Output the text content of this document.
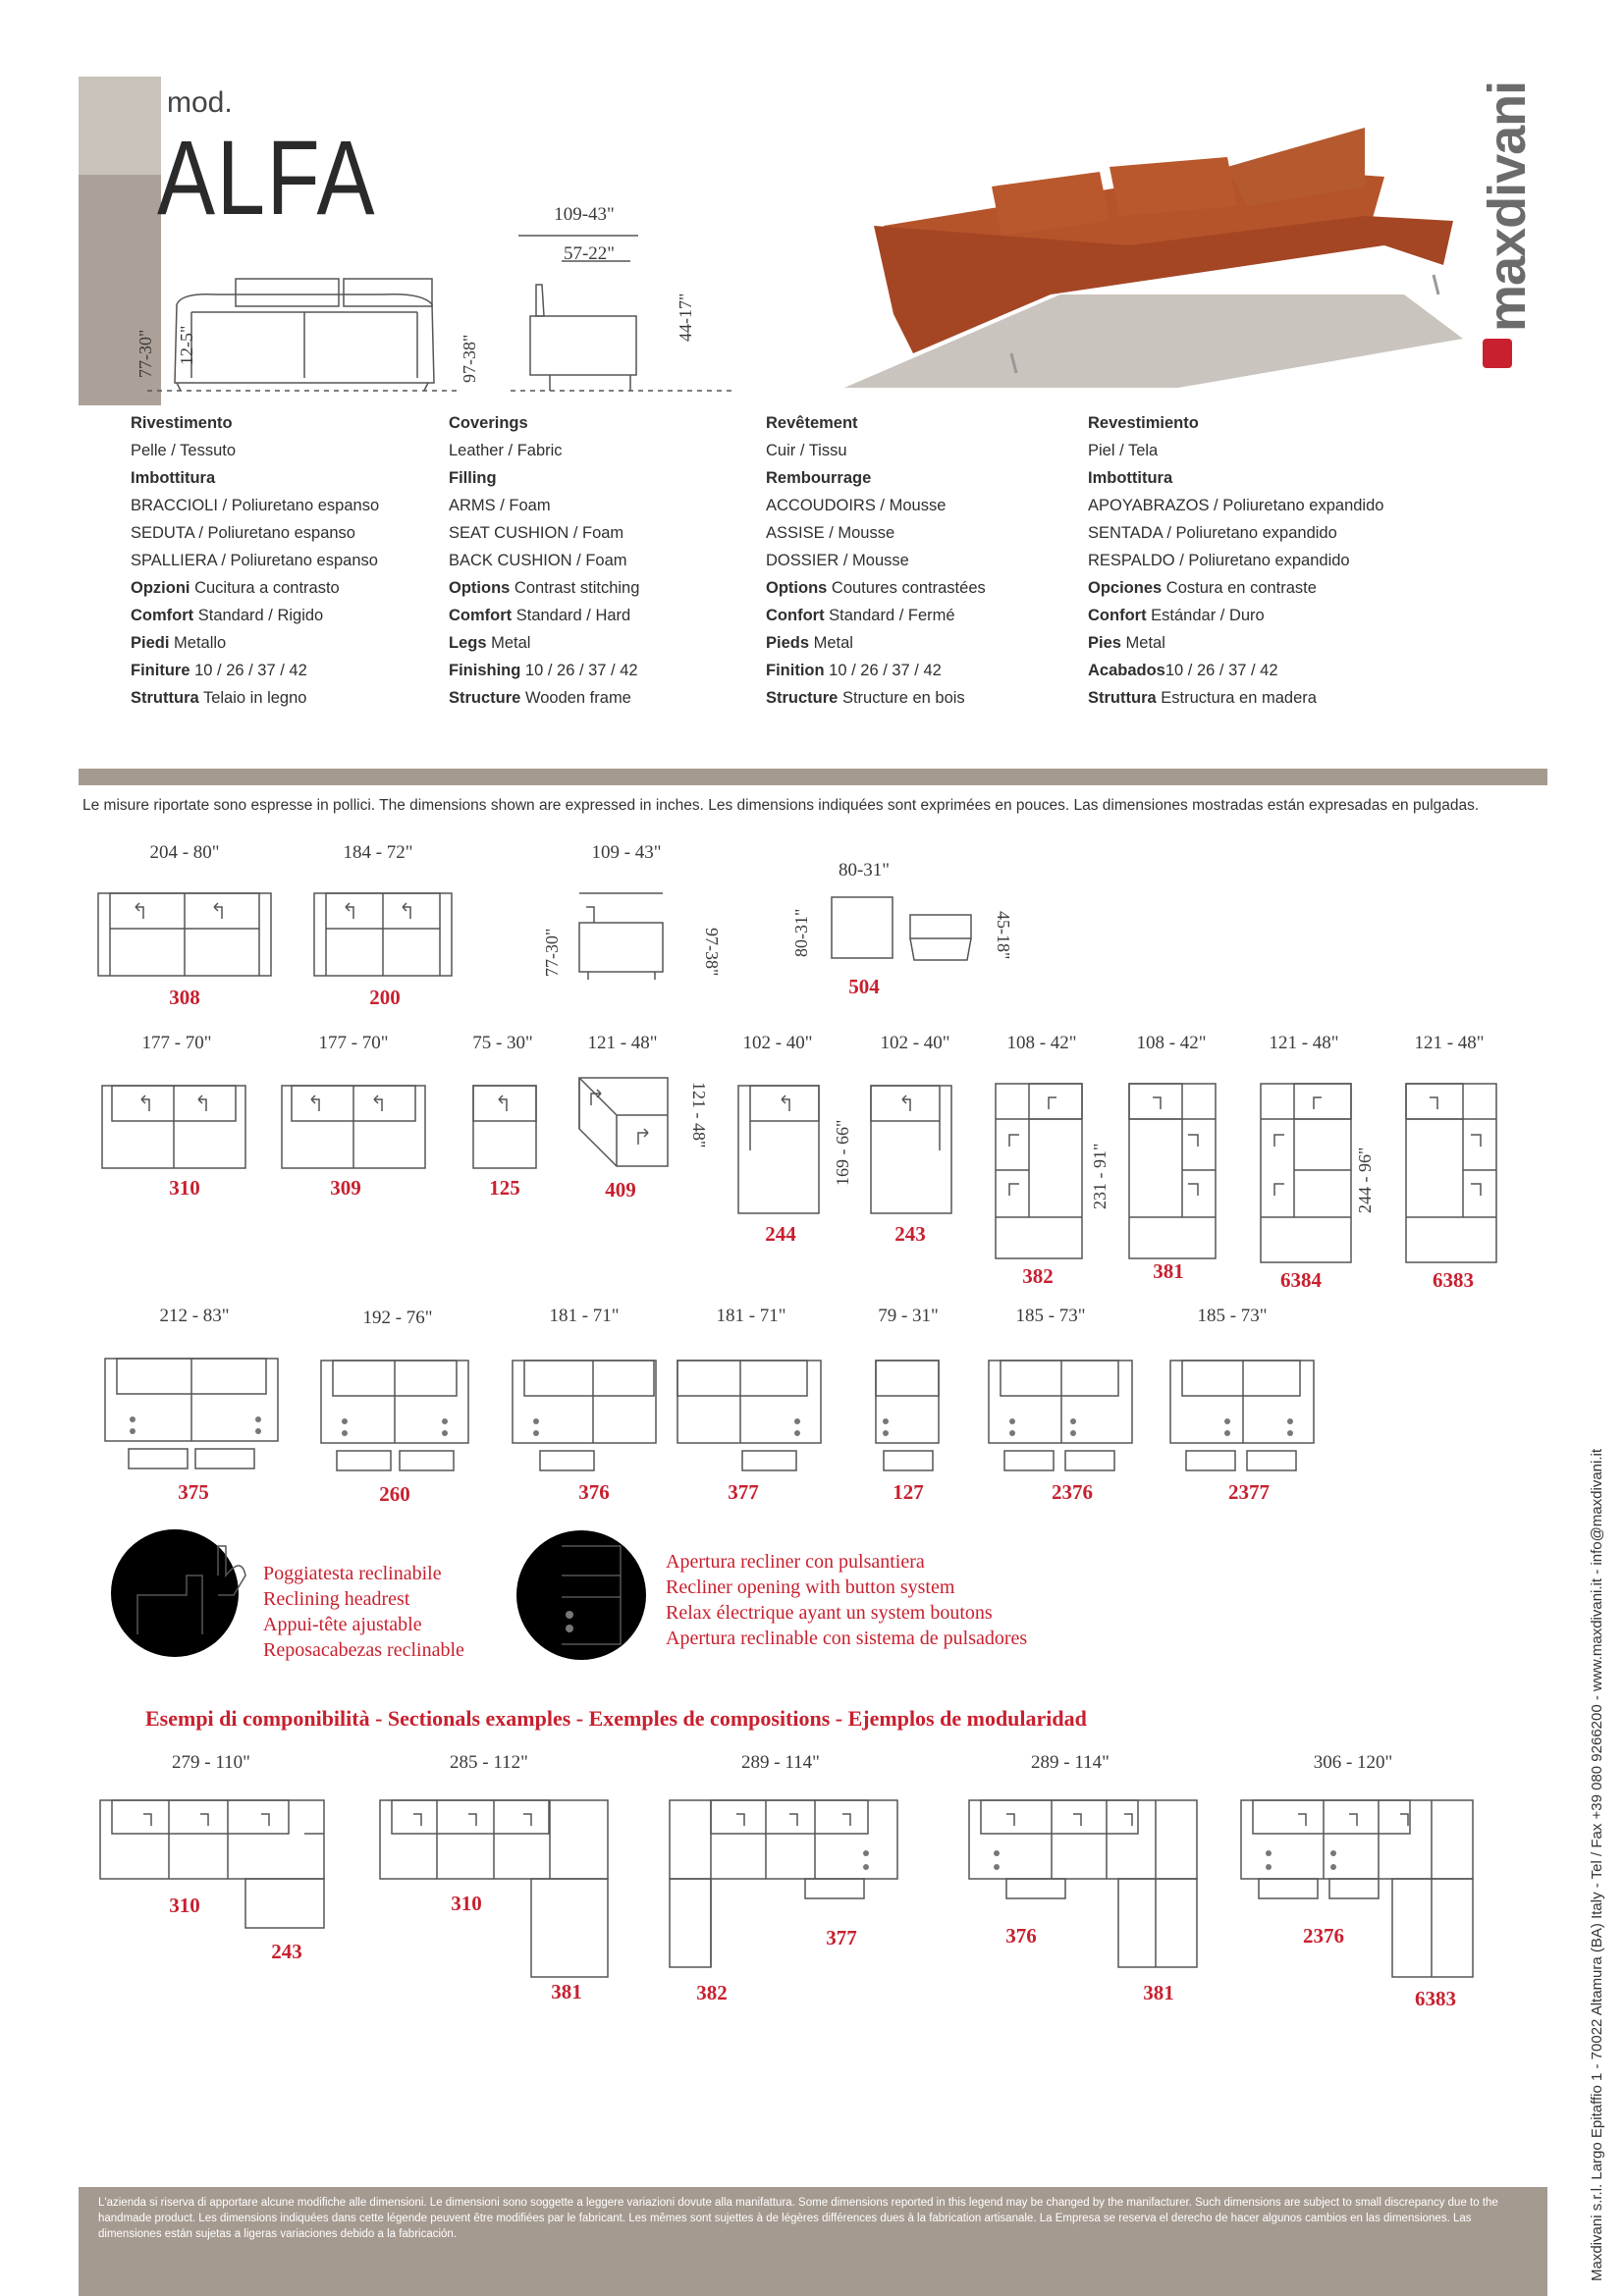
mod.
ALFA
77-30" 12-5"	97-38"
109-43"
57-22"
44-17"	maxdivani
Rivestimento
Pelle / Tessuto
Imbottitura
BRACCIOLI / Poliuretano espanso
SEDUTA / Poliuretano espanso
SPALLIERA / Poliuretano espanso
Opzioni Cucitura a contrasto
Comfort Standard / Rigido
Piedi Metallo
Finiture 10 / 26 / 37 / 42
Struttura Telaio in legno
Coverings
Leather / Fabric
Filling
ARMS / Foam
SEAT CUSHION / Foam
BACK CUSHION / Foam
Options Contrast stitching
Comfort Standard / Hard
Legs Metal
Finishing 10 / 26 / 37 / 42
Structure Wooden frame
Revêtement
Cuir / Tissu
Rembourrage
ACCOUDOIRS / Mousse
ASSISE / Mousse
DOSSIER / Mousse
Options Coutures contrastées
Confort Standard / Fermé
Pieds Metal
Finition 10 / 26 / 37 / 42
Structure Structure en bois
Revestimiento
Piel / Tela
Imbottitura
APOYABRAZOS / Poliuretano expandido
SENTADA / Poliuretano expandido
RESPALDO / Poliuretano expandido
Opciones Costura en contraste
Confort Estándar / Duro
Pies Metal
Acabados10 / 26 / 37 / 42
Struttura Estructura en madera
Le misure riportate sono espresse in pollici. The dimensions shown are expressed in inches. Les dimensions indiquées sont exprimées en pouces. Las dimensiones mostradas están expresadas en pulgadas.
204 - 80"
308
184 - 72"
200
109 - 43"
77-30"	97-38"
80-31"
80-31"	45-18"
504
177 - 70"
310
177 - 70"
309
75 - 30"
125
121 - 48"
121 - 48"
409
102 - 40"
169 - 66"
244
102 - 40"
243
108 - 42"
231 - 91"
382
108 - 42"
381
121 - 48"
244 - 96"
6384
121 - 48"
6383
212 - 83"
375
192 - 76"
260
181 - 71"
376
181 - 71"
377
79 - 31"
127
185 - 73"
2376
185 - 73"
2377
Poggiatesta reclinabile
Reclining headrest
Appui-tête ajustable
Reposacabezas reclinable
Apertura recliner con pulsantiera
Recliner opening with button system
Relax électrique ayant un system boutons
Apertura reclinable con sistema de pulsadores
Esempi di componibilità - Sectionals examples - Exemples de compositions - Ejemplos de modularidad
279 - 110"
310
243
285 - 112"
310
381
289 - 114"
382
377
289 - 114"
376
381
306 - 120"
2376
6383	Maxdivani s.r.l. Largo Epitaffio 1 - 70022 Altamura (BA) Italy - Tel / Fax +39 080 9266200 - www.maxdivani.it - info@maxdivani.it
L'azienda si riserva di apportare alcune modifiche alle dimensioni. Le dimensioni sono soggette a leggere variazioni dovute alla manifattura. Some dimensions reported in this legend may be changed by the manifacturer. Such dimensions are subject to small discrepancy due to the handmade product. Les dimensions indiquées dans cette légende peuvent être modifiées par le fabricant. Les mêmes sont sujettes à de légères différences dues à la fabrication artisanale. La Empresa se reserva el derecho de hacer algunos cambios en las dimensiones. Las dimensiones están sujetas a ligeras variaciones debido a la fabricación.
